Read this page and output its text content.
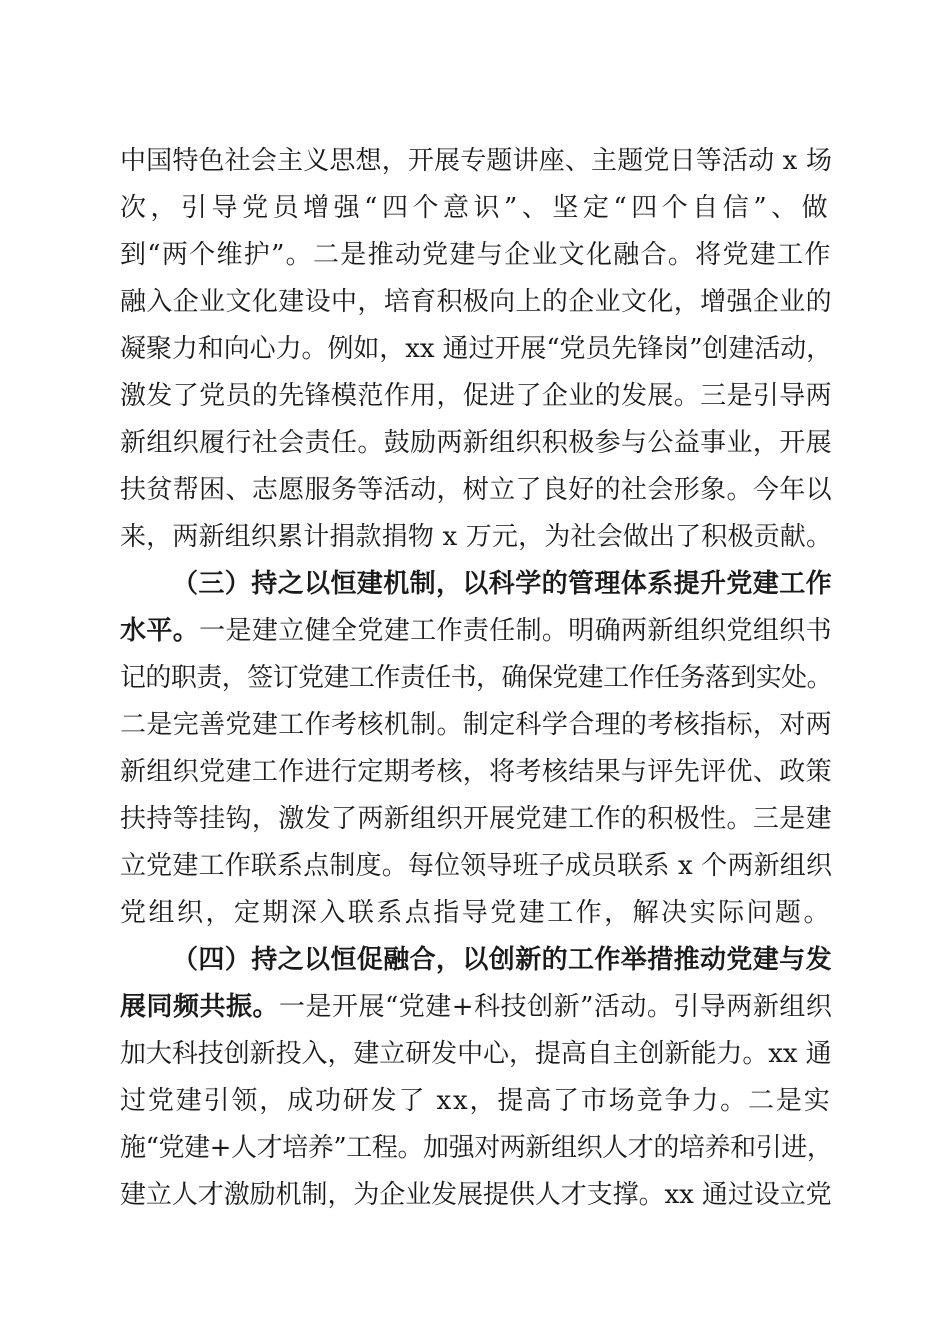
中国特色社会主义思想，开展专题讲座、主题党日等活动 x 场
次，引导党员增强“四个意识”、坚定“四个自信”、做
到“两个维护”。二是推动党建与企业文化融合。将党建工作
融入企业文化建设中，培育积极向上的企业文化，增强企业的
凝聚力和向心力。例如，xx 通过开展“党员先锋岗”创建活动，
激发了党员的先锋模范作用，促进了企业的发展。三是引导两
新组织履行社会责任。鼓励两新组织积极参与公益事业，开展
扶贫帮困、志愿服务等活动，树立了良好的社会形象。今年以
来，两新组织累计捐款捐物 x 万元，为社会做出了积极贡献。
（三）持之以恒建机制，以科学的管理体系提升党建工作
水平。一是建立健全党建工作责任制。明确两新组织党组织书
记的职责，签订党建工作责任书，确保党建工作任务落到实处。
二是完善党建工作考核机制。制定科学合理的考核指标，对两
新组织党建工作进行定期考核，将考核结果与评先评优、政策
扶持等挂钩，激发了两新组织开展党建工作的积极性。三是建
立党建工作联系点制度。每位领导班子成员联系 x 个两新组织
党组织，定期深入联系点指导党建工作，解决实际问题。
（四）持之以恒促融合，以创新的工作举措推动党建与发
展同频共振。一是开展“党建+科技创新”活动。引导两新组织
加大科技创新投入，建立研发中心，提高自主创新能力。xx 通
过党建引领，成功研发了 xx，提高了市场竞争力。二是实
施“党建+人才培养”工程。加强对两新组织人才的培养和引进，
建立人才激励机制，为企业发展提供人才支撑。xx 通过设立党
